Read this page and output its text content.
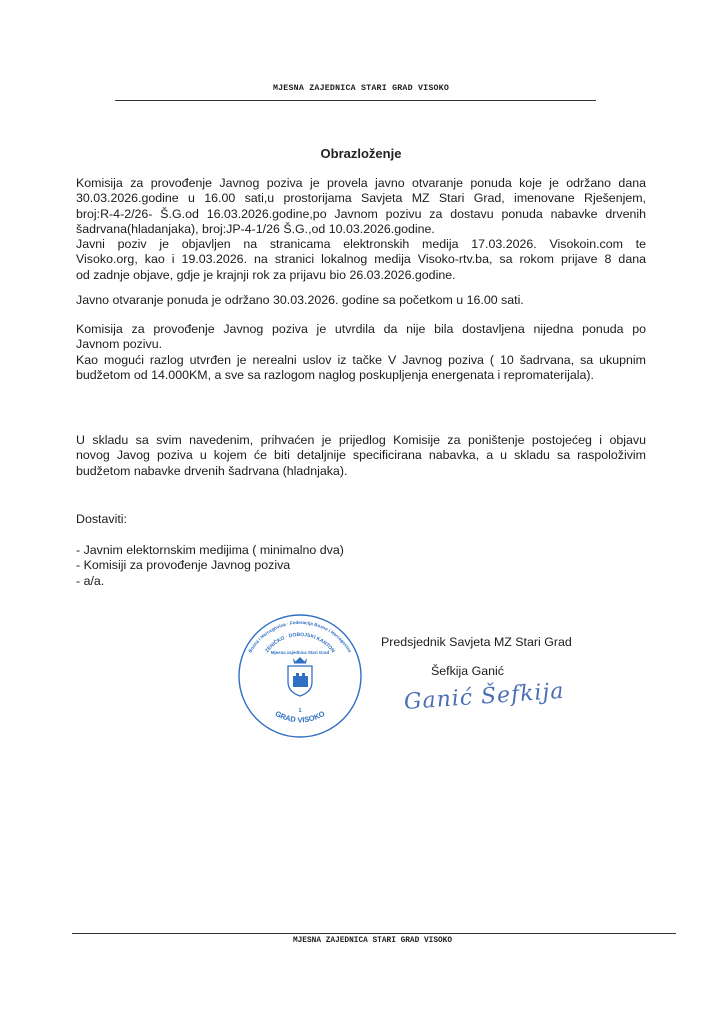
MJESNA ZAJEDNICA STARI GRAD VISOKO
Obrazloženje
Komisija za provođenje Javnog poziva je provela javno otvaranje ponuda koje je održano dana
30.03.2026.godine u 16.00 sati,u prostorijama Savjeta MZ Stari Grad, imenovane Rješenjem,
broj:R-4-2/26- Š.G.od 16.03.2026.godine,po Javnom pozivu za dostavu ponuda nabavke drvenih
šadrvana(hladanjaka), broj:JP-4-1/26 Š.G.,od 10.03.2026.godine.
Javni poziv je objavljen na stranicama elektronskih medija 17.03.2026. Visokoin.com te
Visoko.org, kao i 19.03.2026. na stranici lokalnog medija Visoko-rtv.ba, sa rokom prijave 8 dana
od zadnje objave, gdje je krajnji rok za prijavu bio 26.03.2026.godine.
Javno otvaranje ponuda je održano 30.03.2026. godine sa početkom u 16.00 sati.
Komisija za provođenje Javnog poziva je utvrdila da nije bila dostavljena nijedna ponuda po
Javnom pozivu.
Kao mogući razlog utvrđen je nerealni uslov iz tačke V Javnog poziva ( 10 šadrvana, sa ukupnim
budžetom od 14.000KM, a sve sa razlogom naglog poskupljenja energenata i repromaterijala).
U skladu sa svim navedenim, prihvaćen je prijedlog Komisije za poništenje postojećeg i objavu
novog Javog poziva u kojem će biti detaljnije specificirana nabavka, a u skladu sa raspoloživim
budžetom nabavke drvenih šadrvana (hladnjaka).
Dostaviti:
- Javnim elektornskim medijima ( minimalno dva)
- Komisiji za provođenje Javnog poziva
- a/a.
Bosna i Hercegovina · Federacija Bosne i Hercegovine
ZENIČKO · DOBOJSKI KANTON
GRAD VISOKO
Mjesna zajednica Stari Grad
1
Predsjednik Savjeta MZ Stari Grad
Šefkija Ganić
Ganić Šefkija
MJESNA ZAJEDNICA STARI GRAD VISOKO
